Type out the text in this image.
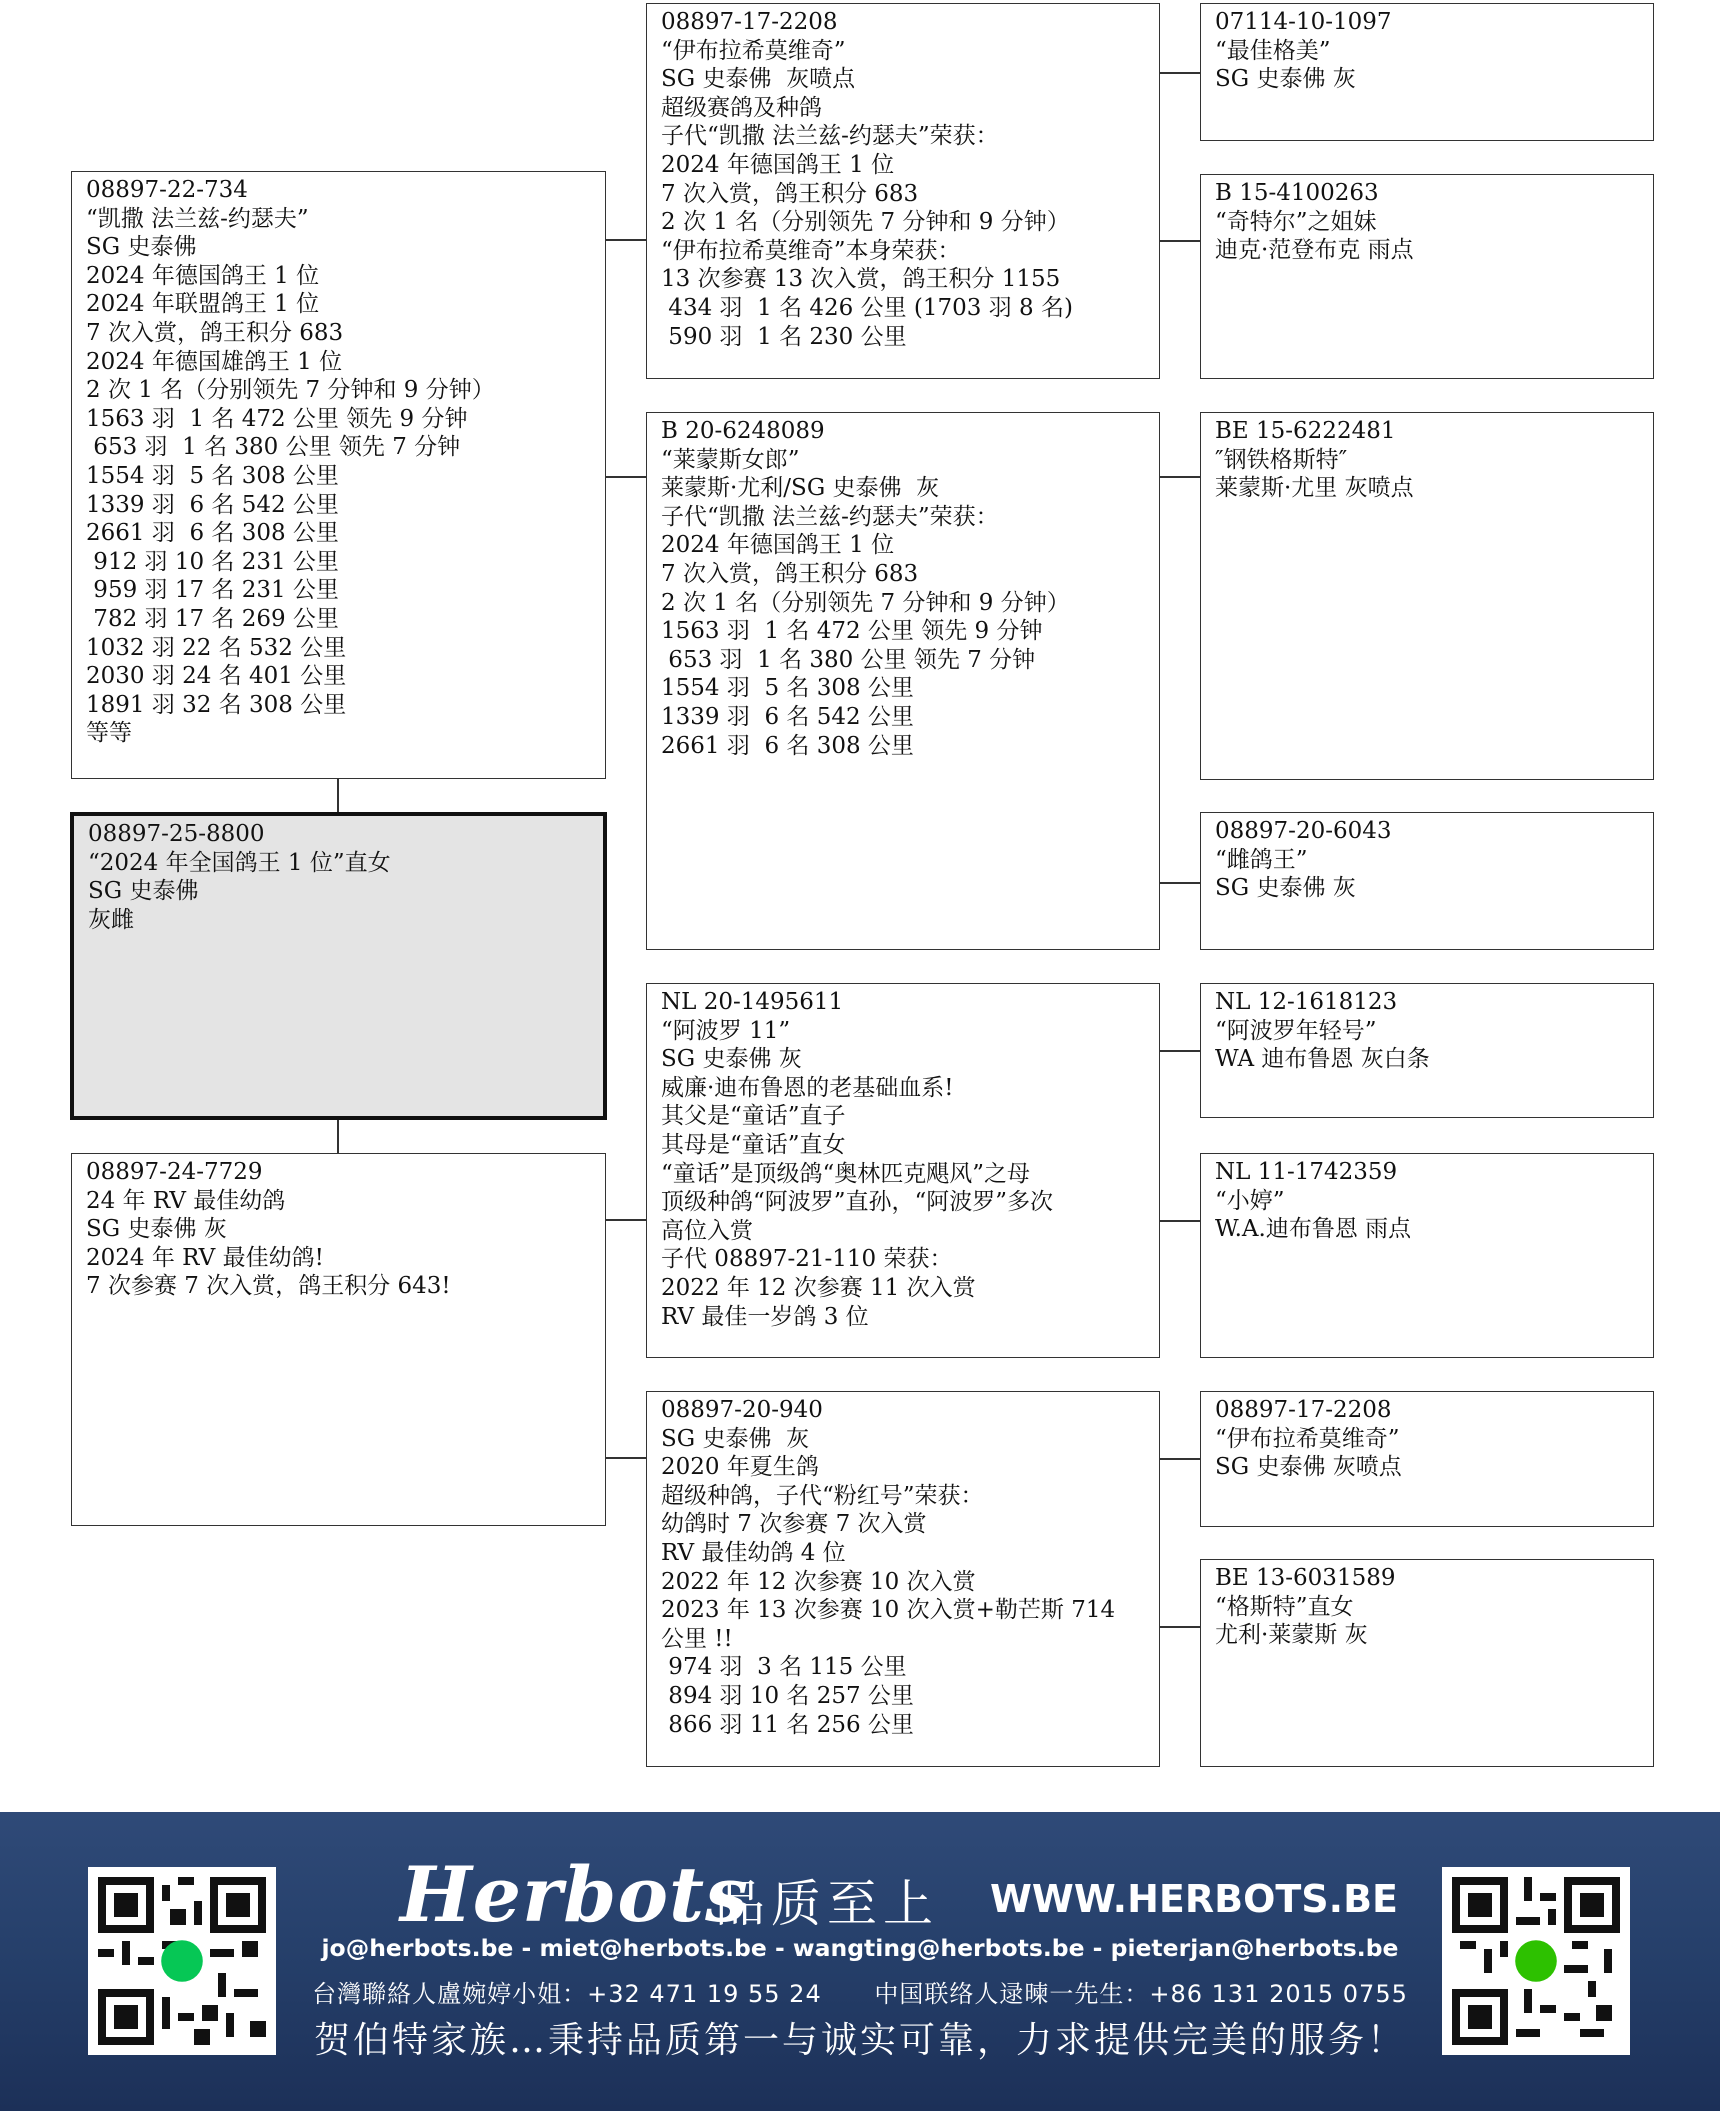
08897-22-734
“凯撒 法兰兹-约瑟夫”
SG 史泰佛
2024 年德国鸽王 1 位
2024 年联盟鸽王 1 位
7 次入赏，鸽王积分 683
2024 年德国雄鸽王 1 位
2 次 1 名（分别领先 7 分钟和 9 分钟）
1563 羽  1 名 472 公里 领先 9 分钟
653 羽  1 名 380 公里 领先 7 分钟
1554 羽  5 名 308 公里
1339 羽  6 名 542 公里
2661 羽  6 名 308 公里
912 羽 10 名 231 公里
959 羽 17 名 231 公里
782 羽 17 名 269 公里
1032 羽 22 名 532 公里
2030 羽 24 名 401 公里
1891 羽 32 名 308 公里
等等
08897-25-8800
“2024 年全国鸽王 1 位”直女
SG 史泰佛
灰雌
08897-24-7729
24 年 RV 最佳幼鸽
SG 史泰佛 灰
2024 年 RV 最佳幼鸽!
7 次参赛 7 次入赏，鸽王积分 643!
08897-17-2208
“伊布拉希莫维奇”
SG 史泰佛  灰喷点
超级赛鸽及种鸽
子代“凯撒 法兰兹-约瑟夫”荣获：
2024 年德国鸽王 1 位
7 次入赏，鸽王积分 683
2 次 1 名（分别领先 7 分钟和 9 分钟）
“伊布拉希莫维奇”本身荣获：
13 次参赛 13 次入赏，鸽王积分 1155
434 羽  1 名 426 公里 (1703 羽 8 名)
590 羽  1 名 230 公里
B 20-6248089
“莱蒙斯女郎”
莱蒙斯·尤利/SG 史泰佛  灰
子代“凯撒 法兰兹-约瑟夫”荣获：
2024 年德国鸽王 1 位
7 次入赏，鸽王积分 683
2 次 1 名（分别领先 7 分钟和 9 分钟）
1563 羽  1 名 472 公里 领先 9 分钟
653 羽  1 名 380 公里 领先 7 分钟
1554 羽  5 名 308 公里
1339 羽  6 名 542 公里
2661 羽  6 名 308 公里
NL 20-1495611
“阿波罗 11”
SG 史泰佛 灰
威廉·迪布鲁恩的老基础血系!
其父是“童话”直子
其母是“童话”直女
“童话”是顶级鸽“奥林匹克飓风”之母
顶级种鸽“阿波罗”直孙，“阿波罗”多次
高位入赏
子代 08897-21-110 荣获：
2022 年 12 次参赛 11 次入赏
RV 最佳一岁鸽 3 位
08897-20-940
SG 史泰佛  灰
2020 年夏生鸽
超级种鸽，子代“粉红号”荣获：
幼鸽时 7 次参赛 7 次入赏
RV 最佳幼鸽 4 位
2022 年 12 次参赛 10 次入赏
2023 年 13 次参赛 10 次入赏+勒芒斯 714
公里 !!
974 羽  3 名 115 公里
894 羽 10 名 257 公里
866 羽 11 名 256 公里
07114-10-1097
“最佳格美”
SG 史泰佛 灰
B 15-4100263
“奇特尔”之姐妹
迪克·范登布克 雨点
BE 15-6222481
″钢铁格斯特″
莱蒙斯·尤里 灰喷点
08897-20-6043
“雌鸽王”
SG 史泰佛 灰
NL 12-1618123
“阿波罗年轻号”
WA 迪布鲁恩 灰白条
NL 11-1742359
“小婷”
W.A.迪布鲁恩 雨点
08897-17-2208
“伊布拉希莫维奇”
SG 史泰佛 灰喷点
BE 13-6031589
“格斯特”直女
尤利·莱蒙斯 灰
Herbots
品质至上 WWW.HERBOTS.BE
jo@herbots.be - miet@herbots.be - wangting@herbots.be - pieterjan@herbots.be
台灣聯絡人盧婉婷小姐：+32 471 19 55 24 中国联络人逯暕一先生：+86 131 2015 0755
贺伯特家族…秉持品质第一与诚实可靠，力求提供完美的服务！
